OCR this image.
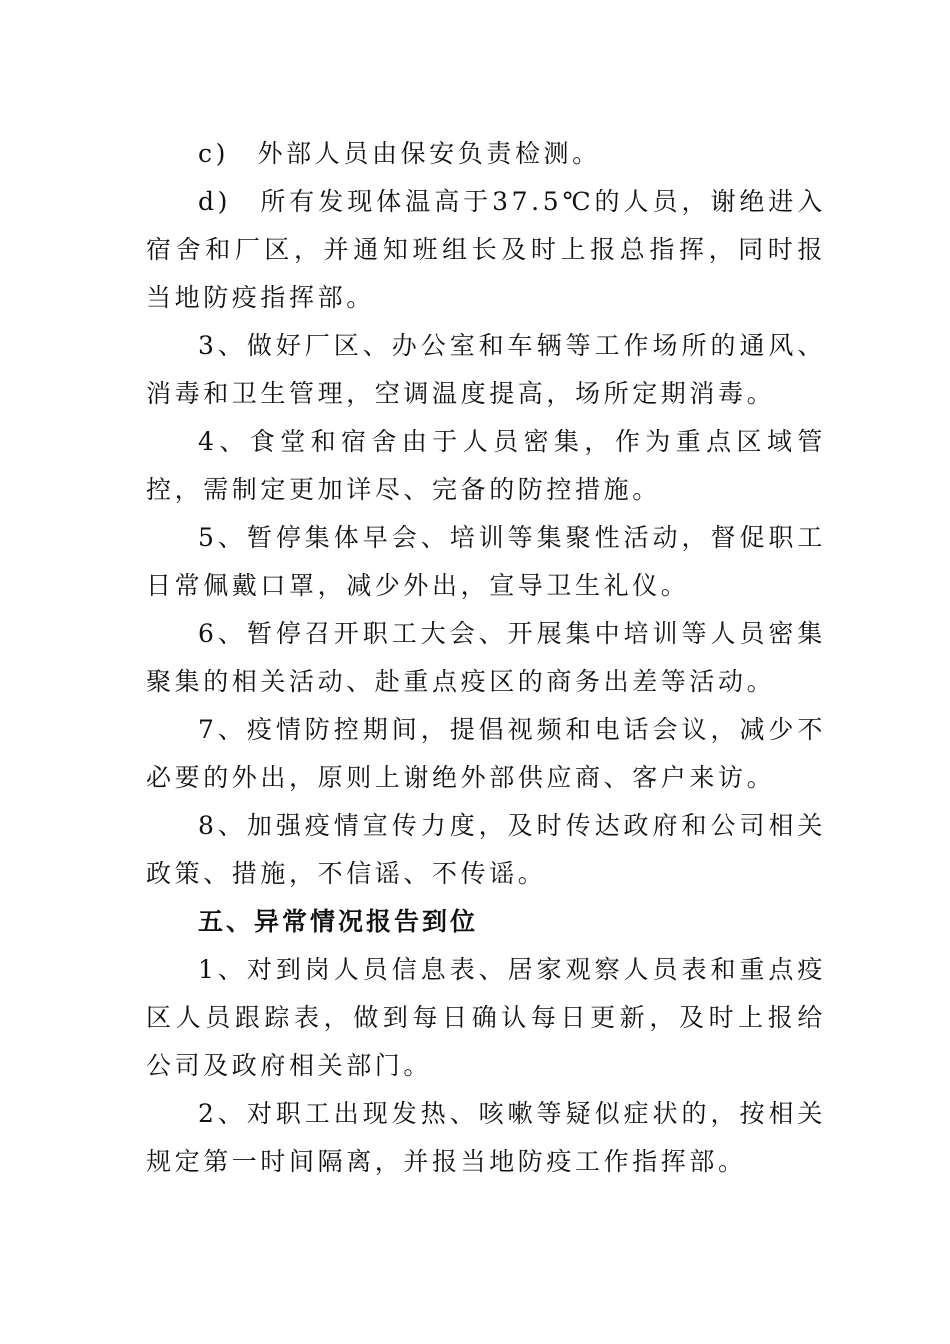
c)　外部人员由保安负责检测。

d)　所有发现体温高于37.5℃的人员，谢绝进入宿舍和厂区，并通知班组长及时上报总指挥，同时报当地防疫指挥部。

3、做好厂区、办公室和车辆等工作场所的通风、消毒和卫生管理，空调温度提高，场所定期消毒。

4、食堂和宿舍由于人员密集，作为重点区域管控，需制定更加详尽、完备的防控措施。

5、暂停集体早会、培训等集聚性活动，督促职工日常佩戴口罩，减少外出，宣导卫生礼仪。

6、暂停召开职工大会、开展集中培训等人员密集聚集的相关活动、赴重点疫区的商务出差等活动。

7、疫情防控期间，提倡视频和电话会议，减少不必要的外出，原则上谢绝外部供应商、客户来访。

8、加强疫情宣传力度，及时传达政府和公司相关政策、措施，不信谣、不传谣。

五、异常情况报告到位

1、对到岗人员信息表、居家观察人员表和重点疫区人员跟踪表，做到每日确认每日更新，及时上报给公司及政府相关部门。

2、对职工出现发热、咳嗽等疑似症状的，按相关规定第一时间隔离，并报当地防疫工作指挥部。
